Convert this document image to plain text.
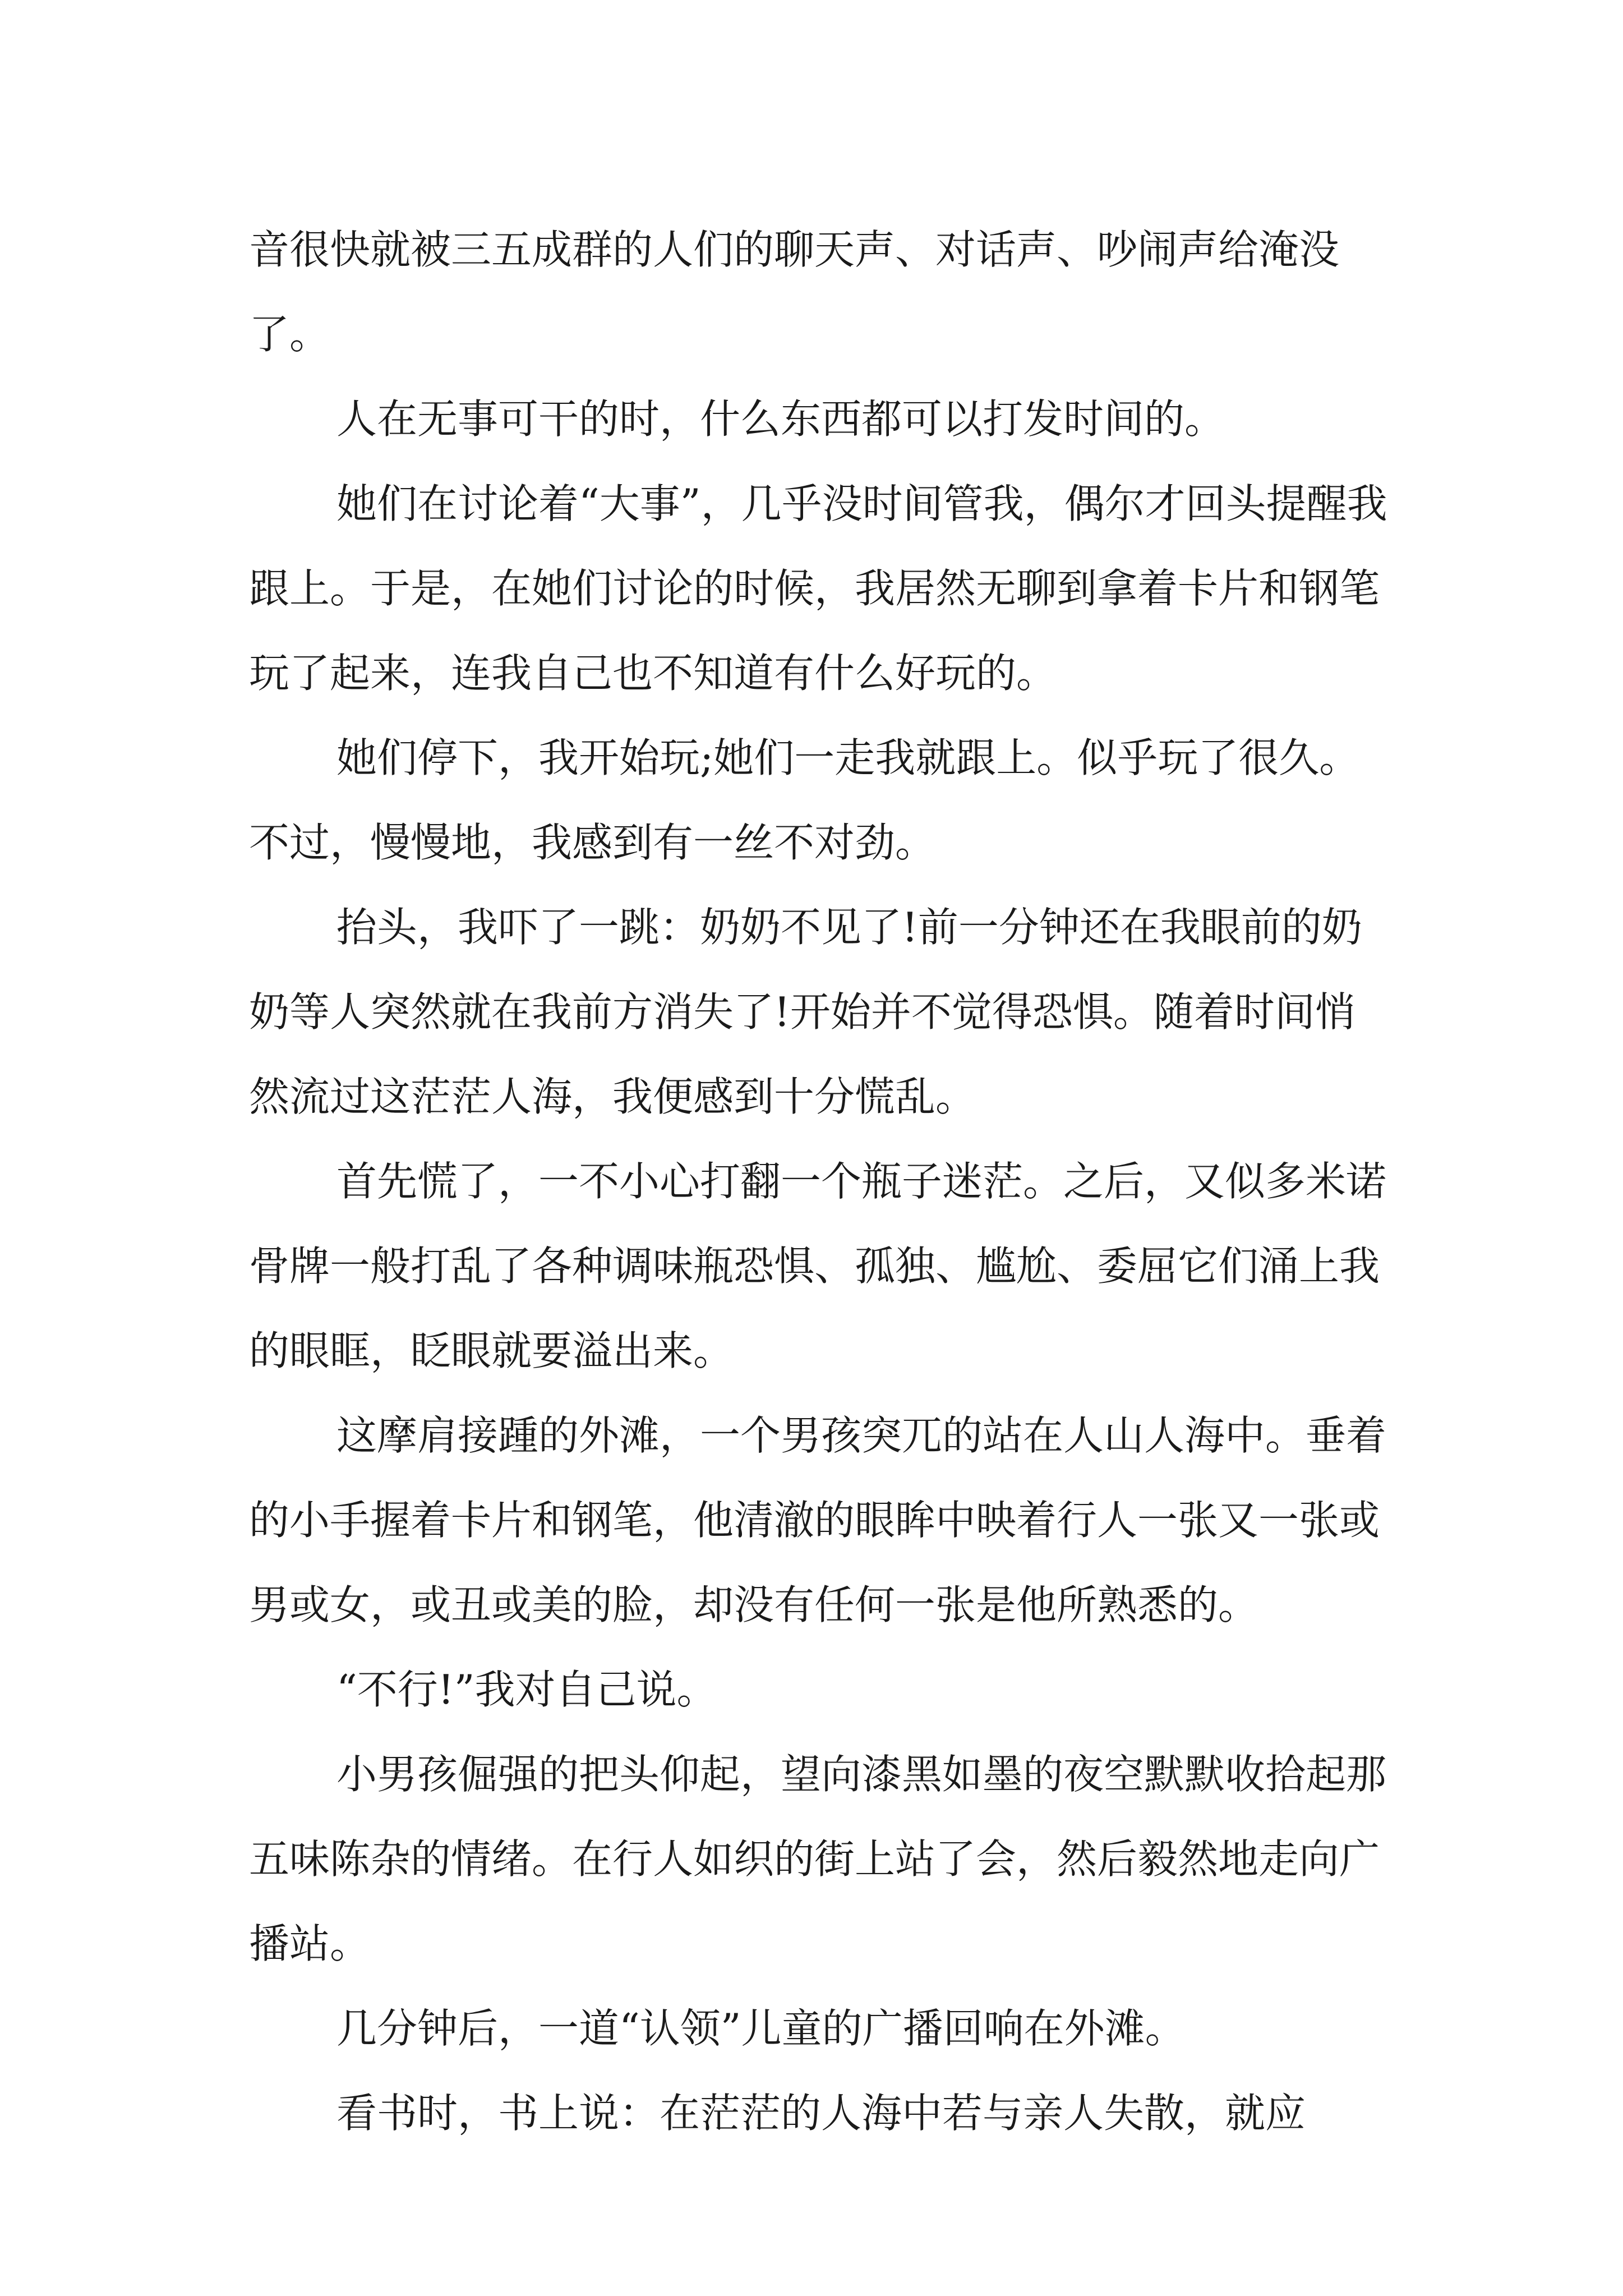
音很快就被三五成群的人们的聊天声、对话声、吵闹声给淹没了。

人在无事可干的时，什么东西都可以打发时间的。

她们在讨论着“大事”，几乎没时间管我，偶尔才回头提醒我跟上。于是，在她们讨论的时候，我居然无聊到拿着卡片和钢笔玩了起来，连我自己也不知道有什么好玩的。

她们停下，我开始玩;她们一走我就跟上。似乎玩了很久。不过，慢慢地，我感到有一丝不对劲。

抬头，我吓了一跳：奶奶不见了!前一分钟还在我眼前的奶奶等人突然就在我前方消失了!开始并不觉得恐惧。随着时间悄然流过这茫茫人海，我便感到十分慌乱。

首先慌了，一不小心打翻一个瓶子迷茫。之后，又似多米诺骨牌一般打乱了各种调味瓶恐惧、孤独、尴尬、委屈它们涌上我的眼眶，眨眼就要溢出来。

这摩肩接踵的外滩，一个男孩突兀的站在人山人海中。垂着的小手握着卡片和钢笔，他清澈的眼眸中映着行人一张又一张或男或女，或丑或美的脸，却没有任何一张是他所熟悉的。

“不行!”我对自己说。

小男孩倔强的把头仰起，望向漆黑如墨的夜空默默收拾起那五味陈杂的情绪。在行人如织的街上站了会，然后毅然地走向广播站。

几分钟后，一道“认领”儿童的广播回响在外滩。

看书时，书上说：在茫茫的人海中若与亲人失散，就应
